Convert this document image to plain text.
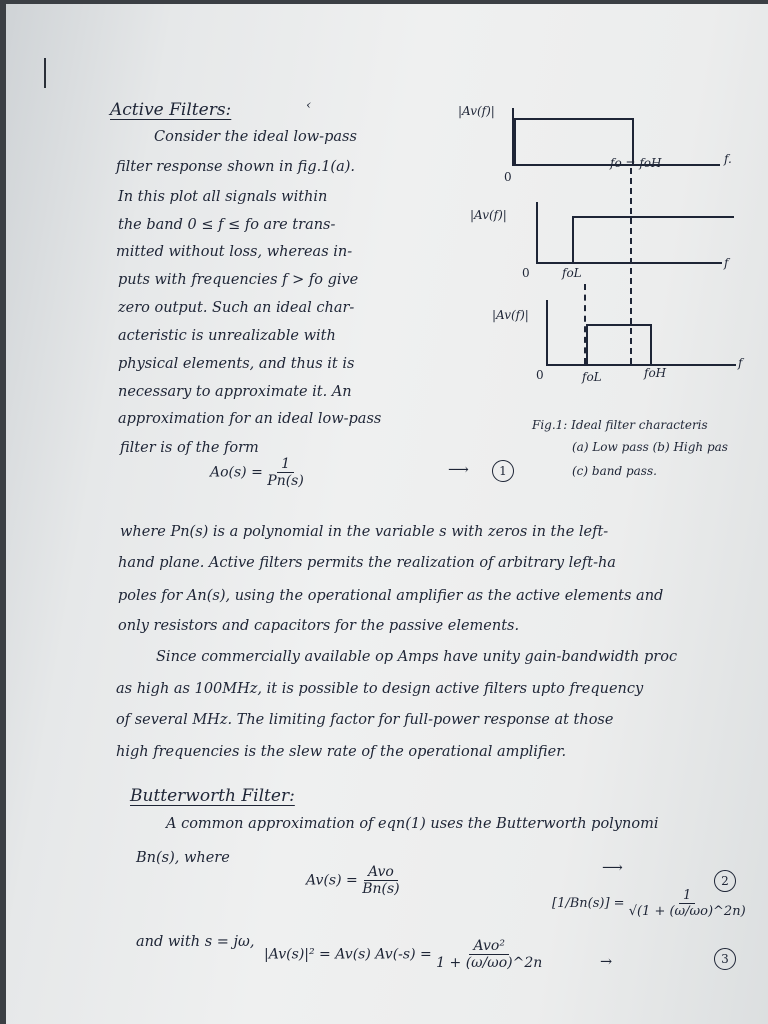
Active Filters:	‹
Consider the ideal low-pass
filter response shown in fig.1(a).
In this plot all signals within
the band 0 ≤ f ≤ fo are trans-
mitted without loss, whereas in-
puts with frequencies f > fo give
zero output. Such an ideal char-
acteristic is unrealizable with
physical elements, and thus it is
necessary to approximate it. An
approximation for an ideal low-pass
filter is of the form
$Ao(s) = \frac{1}{Pn(s)}$	⟶	1
|Av(f)|
0
fo = foH	f.
|Av(f)|
0	foL
f
|Av(f)|
0	foL	foH
f
Fig.1: Ideal filter characteris
(a) Low pass (b) High pas
(c) band pass.
where Pn(s) is a polynomial in the variable s with zeros in the left-
hand plane. Active filters permits the realization of arbitrary left-ha
poles for An(s), using the operational amplifier as the active elements and
only resistors and capacitors for the passive elements.
Since commercially available op Amps have unity gain-bandwidth proc
as high as 100MHz, it is possible to design active filters upto frequency
of several MHz. The limiting factor for full-power response at those
high frequencies is the slew rate of the operational amplifier.
Butterworth Filter:
A common approximation of eqn(1) uses the Butterworth polynomi
Bn(s), where
$Av(s) = \frac{\text{Avo}}{Bn(s)}$	⟶
2
$[1/Bn(s)] = \frac{1}{√(1 + (\omega/\omega o)\^{}2n)}$
and with s = jω,
|Av(s)|² = Av(s) $Av(-s) = \frac{\text{Avo²}}{1 + (\omega/\omega o)\^{}2n}$	→	3
